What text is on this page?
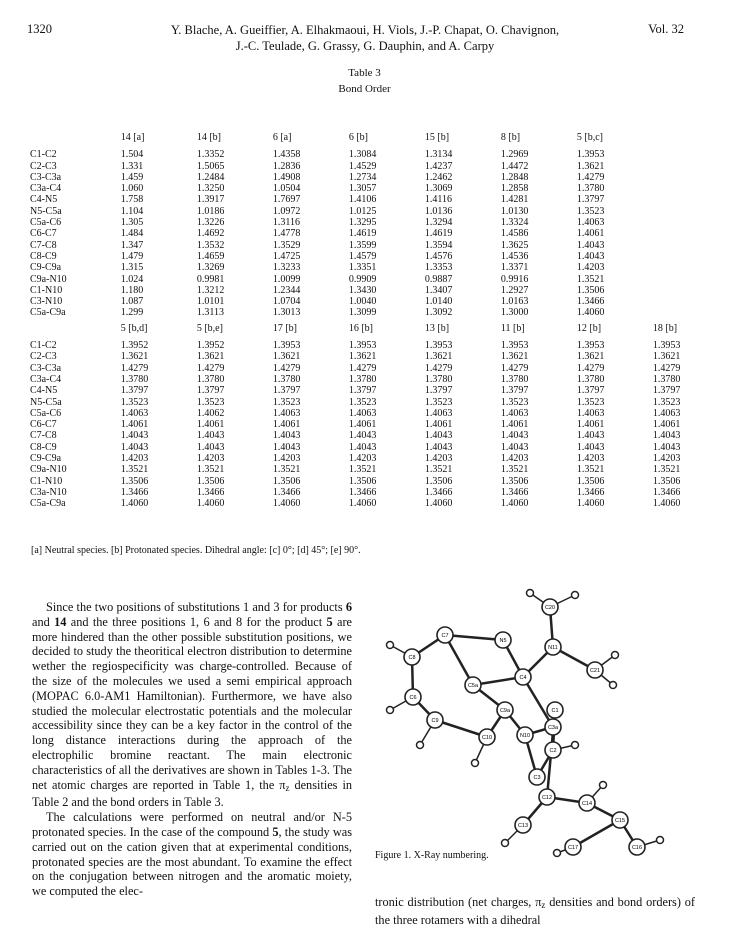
1320	Y. Blache, A. Gueiffier, A. Elhakmaoui, H. Viols, J.-P. Chapat, O. Chavignon,
J.-C. Teulade, G. Grassy, G. Dauphin, and A. Carpy
Vol. 32
Table 3
Bond Order
	14 [a]	14 [b]	6 [a]	6 [b]	15 [b]	8 [b]	5 [b,c]	
C1-C2	1.504	1.3352	1.4358	1.3084	1.3134	1.2969	1.3953	
C2-C3	1.331	1.5065	1.2836	1.4529	1.4237	1.4472	1.3621	
C3-C3a	1.459	1.2484	1.4908	1.2734	1.2462	1.2848	1.4279	
C3a-C4	1.060	1.3250	1.0504	1.3057	1.3069	1.2858	1.3780	
C4-N5	1.758	1.3917	1.7697	1.4106	1.4116	1.4281	1.3797	
N5-C5a	1.104	1.0186	1.0972	1.0125	1.0136	1.0130	1.3523	
C5a-C6	1.305	1.3226	1.3116	1.3295	1.3294	1.3324	1.4063	
C6-C7	1.484	1.4692	1.4778	1.4619	1.4619	1.4586	1.4061	
C7-C8	1.347	1.3532	1.3529	1.3599	1.3594	1.3625	1.4043	
C8-C9	1.479	1.4659	1.4725	1.4579	1.4576	1.4536	1.4043	
C9-C9a	1.315	1.3269	1.3233	1.3351	1.3353	1.3371	1.4203	
C9a-N10	1.024	0.9981	1.0099	0.9909	0.9887	0.9916	1.3521	
C1-N10	1.180	1.3212	1.2344	1.3430	1.3407	1.2927	1.3506	
C3-N10	1.087	1.0101	1.0704	1.0040	1.0140	1.0163	1.3466	
C5a-C9a	1.299	1.3113	1.3013	1.3099	1.3092	1.3000	1.4060	
	5 [b,d]	5 [b,e]	17 [b]	16 [b]	13 [b]	11 [b]	12 [b]	18 [b]
C1-C2	1.3952	1.3952	1.3953	1.3953	1.3953	1.3953	1.3953	1.3953
C2-C3	1.3621	1.3621	1.3621	1.3621	1.3621	1.3621	1.3621	1.3621
C3-C3a	1.4279	1.4279	1.4279	1.4279	1.4279	1.4279	1.4279	1.4279
C3a-C4	1.3780	1.3780	1.3780	1.3780	1.3780	1.3780	1.3780	1.3780
C4-N5	1.3797	1.3797	1.3797	1.3797	1.3797	1.3797	1.3797	1.3797
N5-C5a	1.3523	1.3523	1.3523	1.3523	1.3523	1.3523	1.3523	1.3523
C5a-C6	1.4063	1.4062	1.4063	1.4063	1.4063	1.4063	1.4063	1.4063
C6-C7	1.4061	1.4061	1.4061	1.4061	1.4061	1.4061	1.4061	1.4061
C7-C8	1.4043	1.4043	1.4043	1.4043	1.4043	1.4043	1.4043	1.4043
C8-C9	1.4043	1.4043	1.4043	1.4043	1.4043	1.4043	1.4043	1.4043
C9-C9a	1.4203	1.4203	1.4203	1.4203	1.4203	1.4203	1.4203	1.4203
C9a-N10	1.3521	1.3521	1.3521	1.3521	1.3521	1.3521	1.3521	1.3521
C1-N10	1.3506	1.3506	1.3506	1.3506	1.3506	1.3506	1.3506	1.3506
C3a-N10	1.3466	1.3466	1.3466	1.3466	1.3466	1.3466	1.3466	1.3466
C5a-C9a	1.4060	1.4060	1.4060	1.4060	1.4060	1.4060	1.4060	1.4060
[a] Neutral species. [b] Protonated species. Dihedral angle: [c] 0°; [d] 45°; [e] 90°.

Since the two positions of substitutions 1 and 3 for products 6 and 14 and the three positions 1, 6 and 8 for the product 5 are more hindered than the other possible substitution positions, we decided to study the theoritical electron distribution to determine wether the regiospecificity was charge-controlled. Because of the size of the molecules we used a semi empirical approach (MOPAC 6.0-AM1 Hamiltonian). Furthermore, we have also studied the molecular electrostatic potentials and the molecular accessibility since they can be a key factor in the control of the long distance interactions during the approach of the electrophilic bromine reactant. The main electronic characteristics of all the derivatives are shown in Tables 1-3. The net atomic charges are reported in Table 1, the $\pi_z$ densities in Table 2 and the bond orders in Table 3.

The calculations were performed on neutral and/or N-5 protonated species. In the case of the compound 5, the study was carried out on the cation given that at experimental conditions, protonated species are the most abundant. To examine the effect on the conjugation between nitrogen and the aromatic moiety, we computed the elec-

C20
N11
C21
C4
N5
C7
C8
C6
C5a
C9
C10
C9a	C1
C2
C3
N10
C3a
C12
C13
C14
C15
C16
C17
Figure 1. X-Ray numbering.
tronic distribution (net charges, $\pi_z$ densities and bond orders) of the three rotamers with a dihedral
